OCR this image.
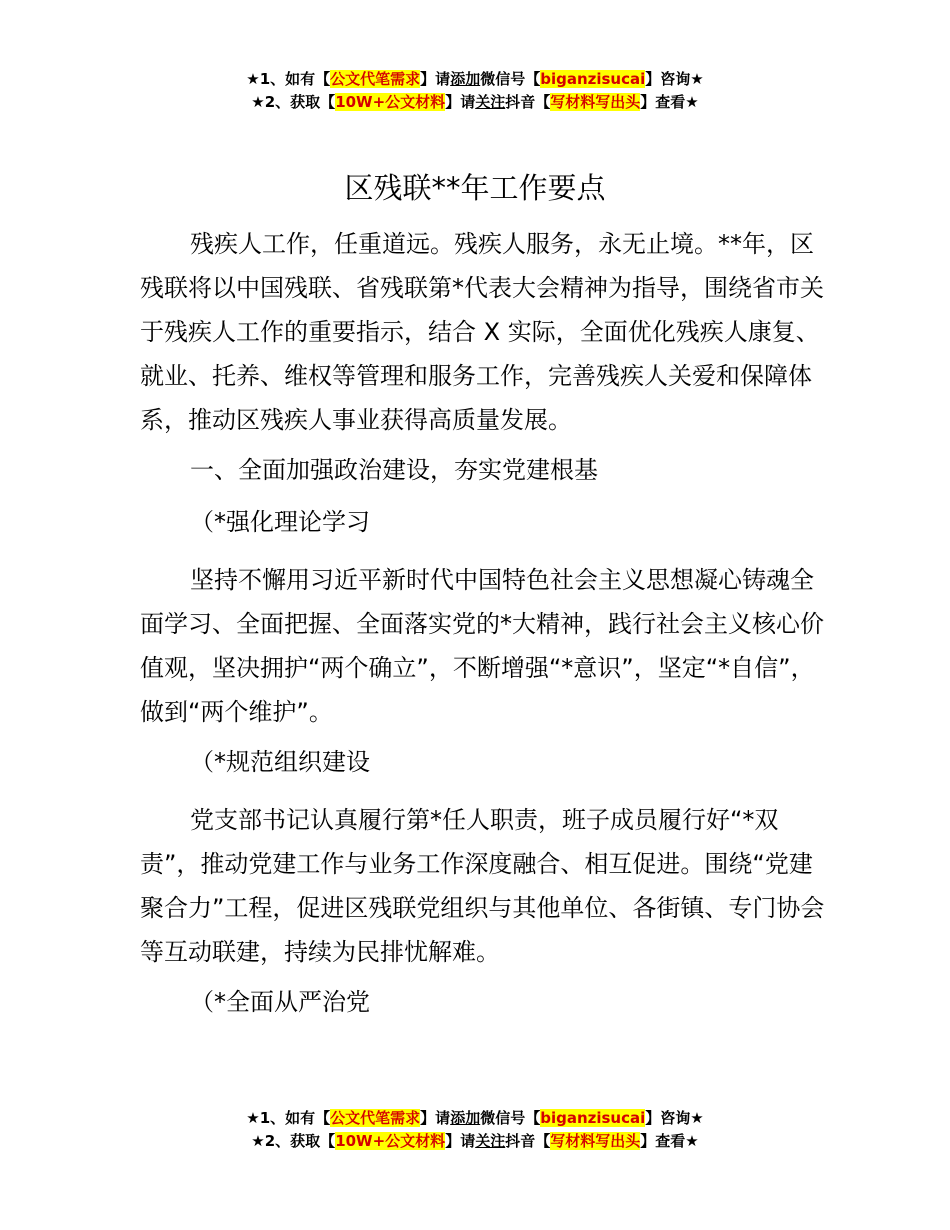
★1、如有【公文代笔需求】请添加微信号【biganzisucai】咨询★
★2、获取【10W+公文材料】请关注抖音【写材料写出头】查看★
区残联**年工作要点

残疾人工作，任重道远。残疾人服务，永无止境。**年，区残联将以中国残联、省残联第*代表大会精神为指导，围绕省市关于残疾人工作的重要指示，结合 X 实际，全面优化残疾人康复、就业、托养、维权等管理和服务工作，完善残疾人关爱和保障体系，推动区残疾人事业获得高质量发展。

一、全面加强政治建设，夯实党建根基

（*强化理论学习

坚持不懈用习近平新时代中国特色社会主义思想凝心铸魂全面学习、全面把握、全面落实党的*大精神，践行社会主义核心价值观，坚决拥护“两个确立”，不断增强“*意识”，坚定“*自信”，做到“两个维护”。

（*规范组织建设

党支部书记认真履行第*任人职责，班子成员履行好“*双责”，推动党建工作与业务工作深度融合、相互促进。围绕“党建聚合力”工程，促进区残联党组织与其他单位、各街镇、专门协会等互动联建，持续为民排忧解难。

（*全面从严治党

★1、如有【公文代笔需求】请添加微信号【biganzisucai】咨询★
★2、获取【10W+公文材料】请关注抖音【写材料写出头】查看★
